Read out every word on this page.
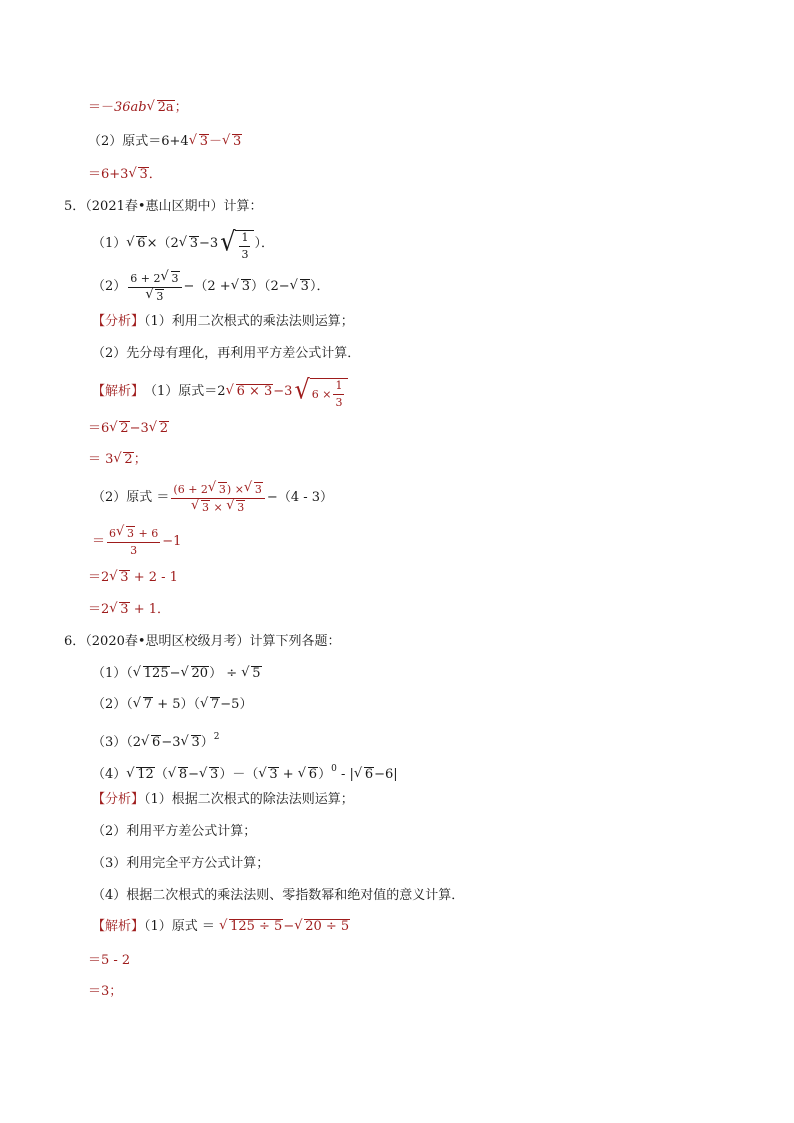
＝－36ab √ 2a；
（2）原式＝6+4 √ 3－ √ 3
＝6+3 √ 3．
5．（2021春•惠山区期中）计算：
（1） √ 6 ×（2 √ 3 −3 √ $\frac{1}{3}$ ）．
（2） 6 + 2 √ 3
√ 3 −（2 + √ 3 ）（2− √ 3 ）．
【分析】（1）利用二次根式的乘法法则运算；
（2）先分母有理化，再利用平方差公式计算．
【解析】 （1）原式＝2 √ 6 × 3 −3 √ $6 \times \frac{1}{3}$
＝6 √ 2−3 √ 2
＝ 3 √ 2；
（2）原式 ＝ (6 + 2 √ 3) × √ 3
√ 3 × √ 3 −（4 - 3）
＝ $\frac{6 √ 3 + 6}{3} -1$
＝2 √ 3 + 2 - 1
＝2 √ 3 + 1．
6．（2020春•思明区校级月考）计算下列各题：
（1）（ √ 125− √ 20） ÷ √ 5
（2）（ √ 7 + 5）（ √ 7−5）
（3）（2 √ 6−3 √ 3）$^2$
（4） √ 12（ √ 8− √ 3）－（ √ 3 + √ 6）$^0$ - | √ 6−6|
【分析】（1）根据二次根式的除法法则运算；
（2）利用平方差公式计算；
（3）利用完全平方公式计算；
（4）根据二次根式的乘法法则、零指数幂和绝对值的意义计算．
【解析】（1）原式 ＝ √ 125 ÷ 5− √ 20 ÷ 5
＝5 - 2
＝3；
